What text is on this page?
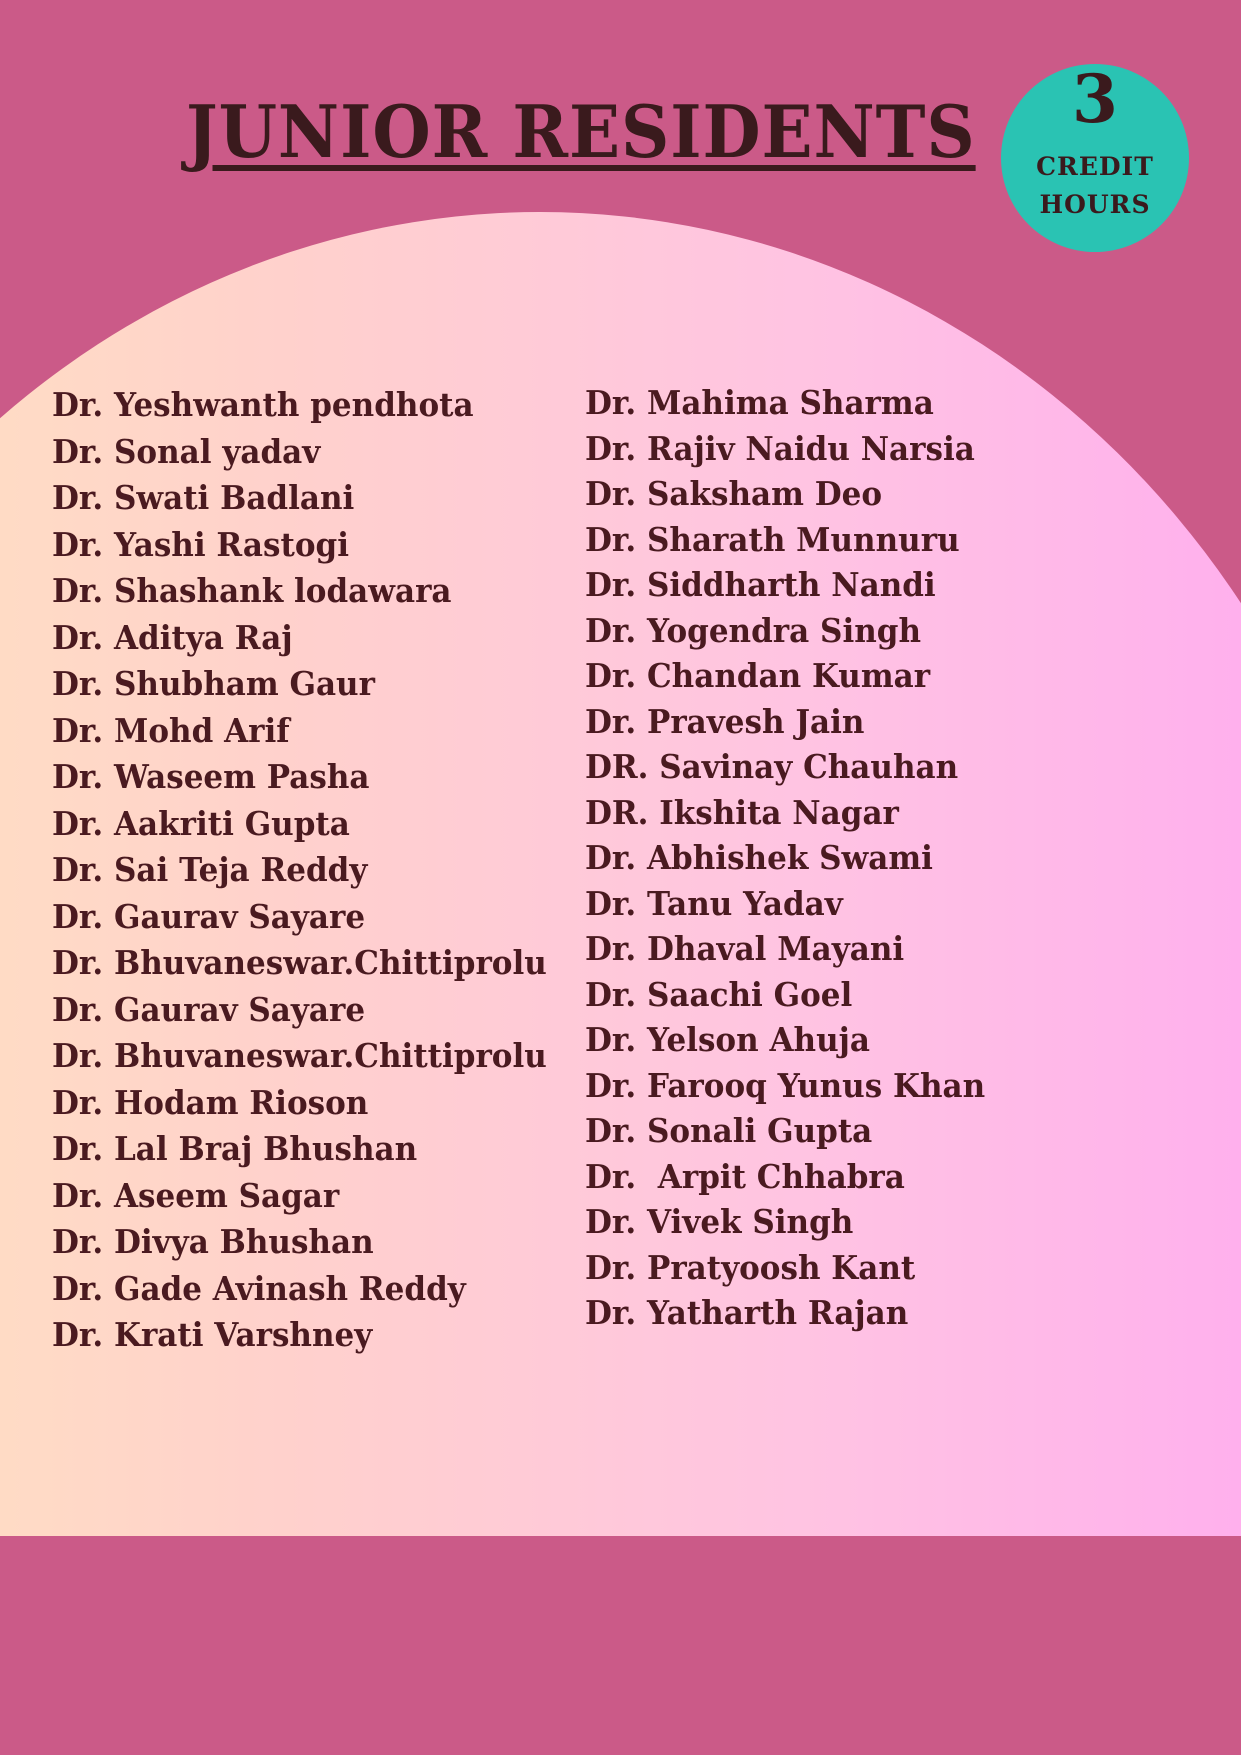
JUNIOR RESIDENTS	3
CREDIT
HOURS
Dr. Yeshwanth pendhota
Dr. Sonal yadav
Dr. Swati Badlani
Dr. Yashi Rastogi
Dr. Shashank lodawara
Dr. Aditya Raj
Dr. Shubham Gaur
Dr. Mohd Arif
Dr. Waseem Pasha
Dr. Aakriti Gupta
Dr. Sai Teja Reddy
Dr. Gaurav Sayare
Dr. Bhuvaneswar.Chittiprolu
Dr. Gaurav Sayare
Dr. Bhuvaneswar.Chittiprolu
Dr. Hodam Rioson
Dr. Lal Braj Bhushan
Dr. Aseem Sagar
Dr. Divya Bhushan
Dr. Gade Avinash Reddy
Dr. Krati Varshney
Dr. Mahima Sharma
Dr. Rajiv Naidu Narsia
Dr. Saksham Deo
Dr. Sharath Munnuru
Dr. Siddharth Nandi
Dr. Yogendra Singh
Dr. Chandan Kumar
Dr. Pravesh Jain
DR. Savinay Chauhan
DR. Ikshita Nagar
Dr. Abhishek Swami
Dr. Tanu Yadav
Dr. Dhaval Mayani
Dr. Saachi Goel
Dr. Yelson Ahuja
Dr. Farooq Yunus Khan
Dr. Sonali Gupta
Dr.  Arpit Chhabra
Dr. Vivek Singh
Dr. Pratyoosh Kant
Dr. Yatharth Rajan
